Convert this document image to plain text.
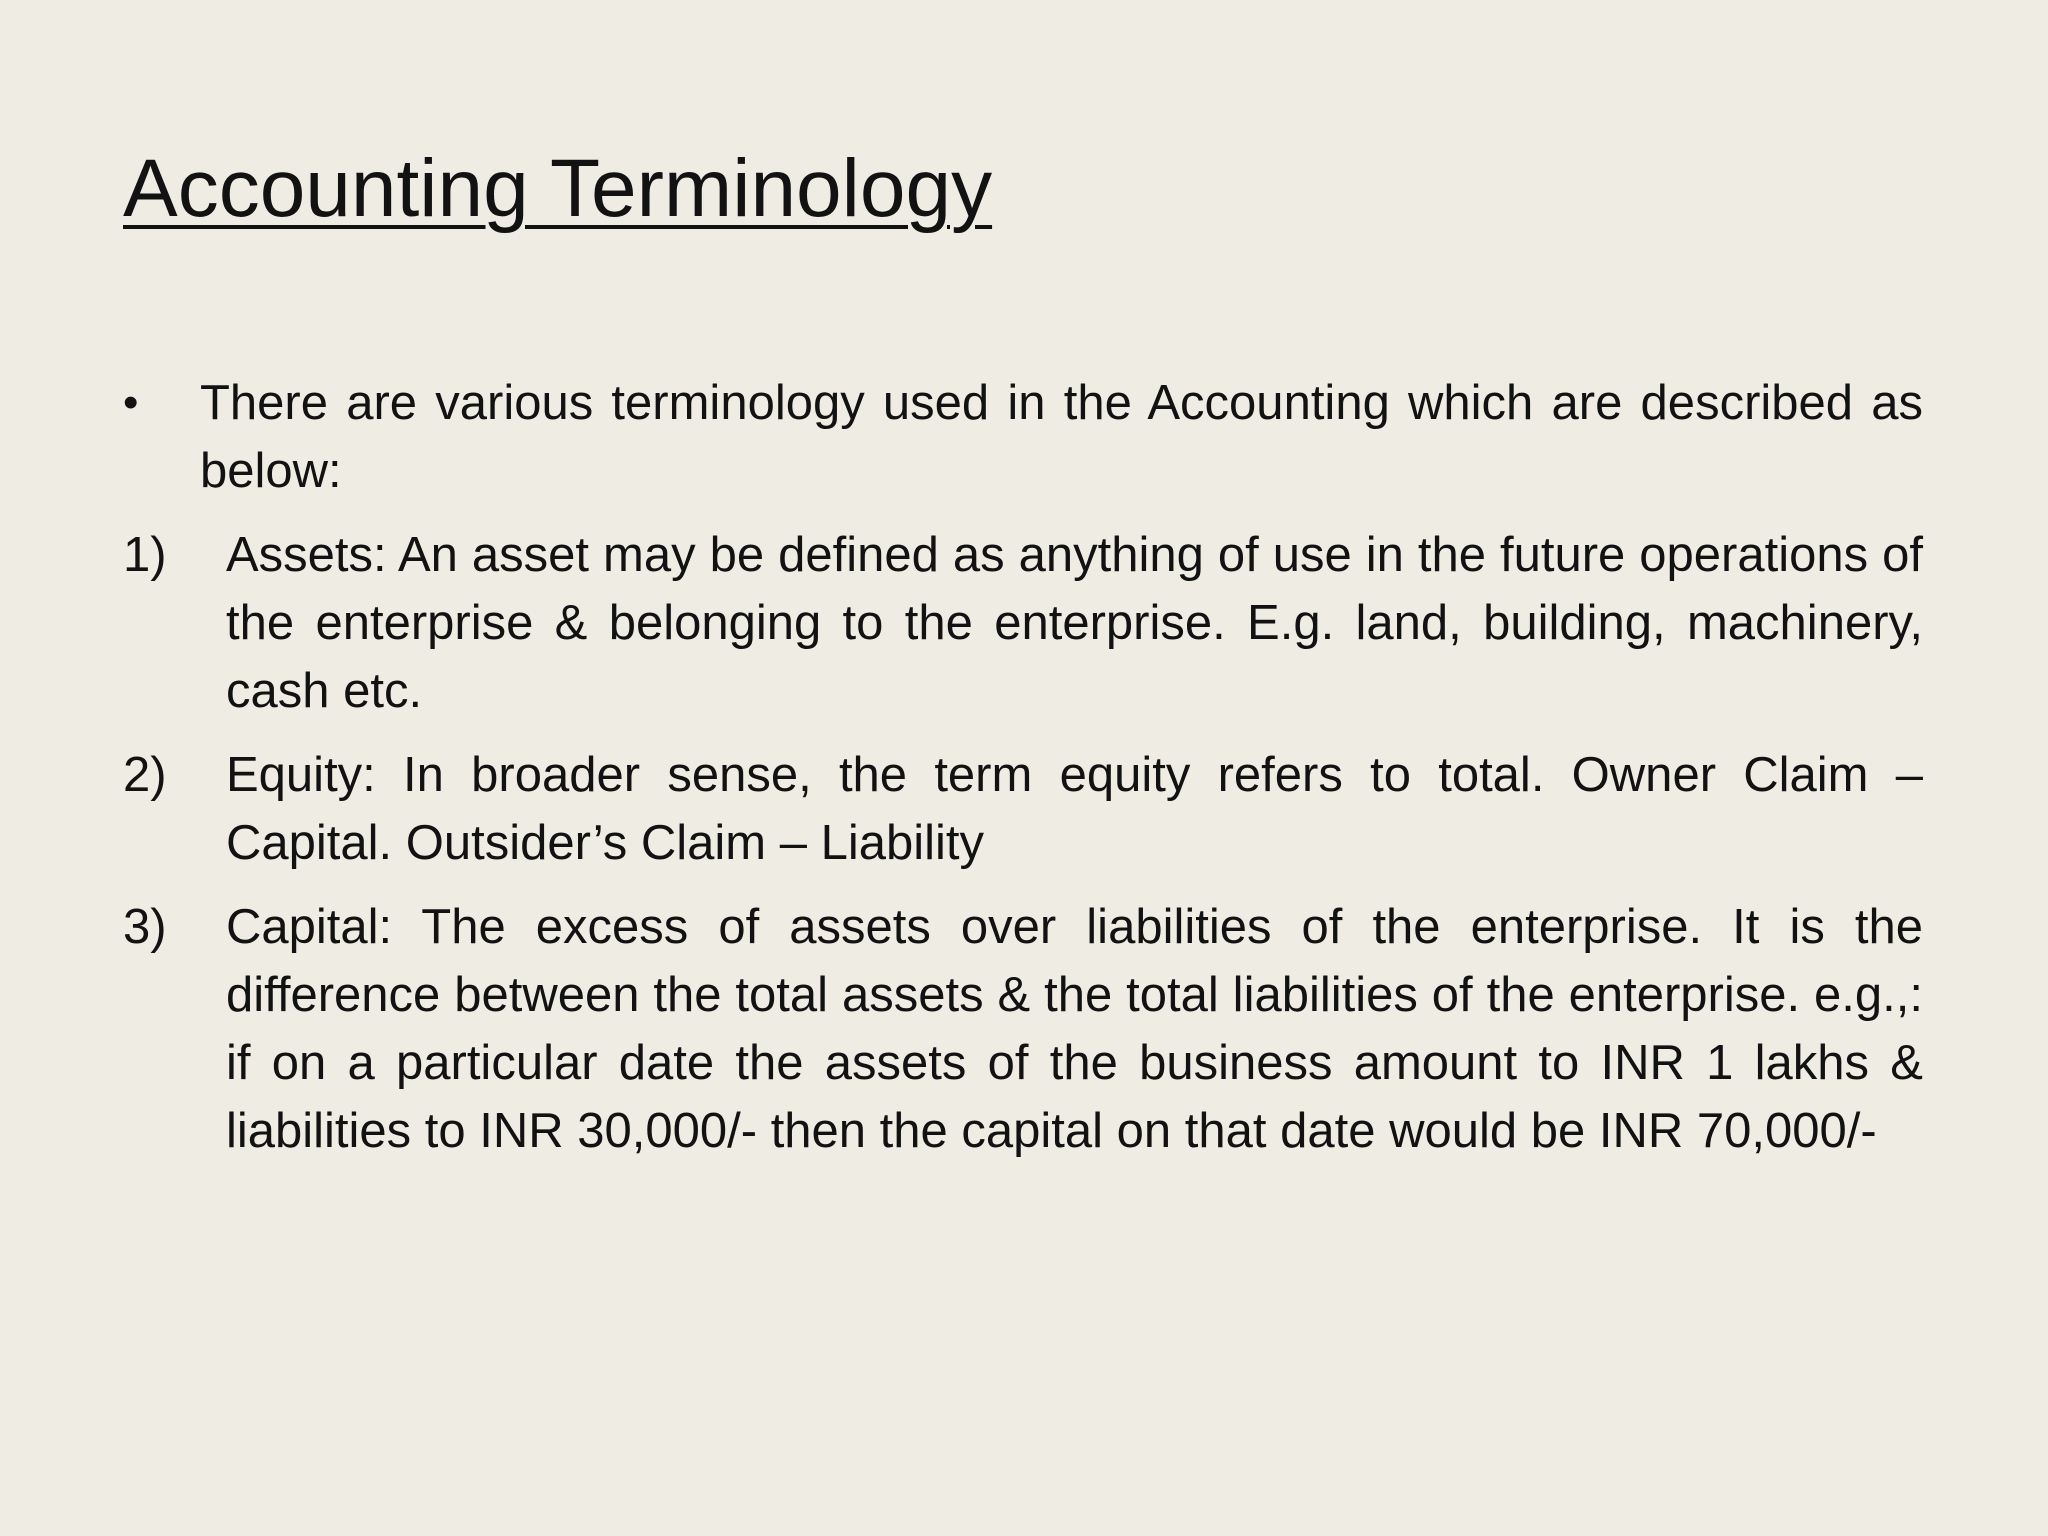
Accounting Terminology
•	There are various terminology used in the Accounting which are described as below:
1)	Assets: An asset may be defined as anything of use in the future operations of the enterprise & belonging to the enterprise. E.g. land, building, machinery, cash etc.
2)	Equity: In broader sense, the term equity refers to total. Owner Claim – Capital. Outsider’s Claim – Liability
3)	Capital: The excess of assets over liabilities of the enterprise. It is the difference between the total assets & the total liabilities of the enterprise. e.g.,: if on a particular date the assets of the business amount to INR 1 lakhs & liabilities to INR 30,000/- then the capital on that date would be INR 70,000/-
